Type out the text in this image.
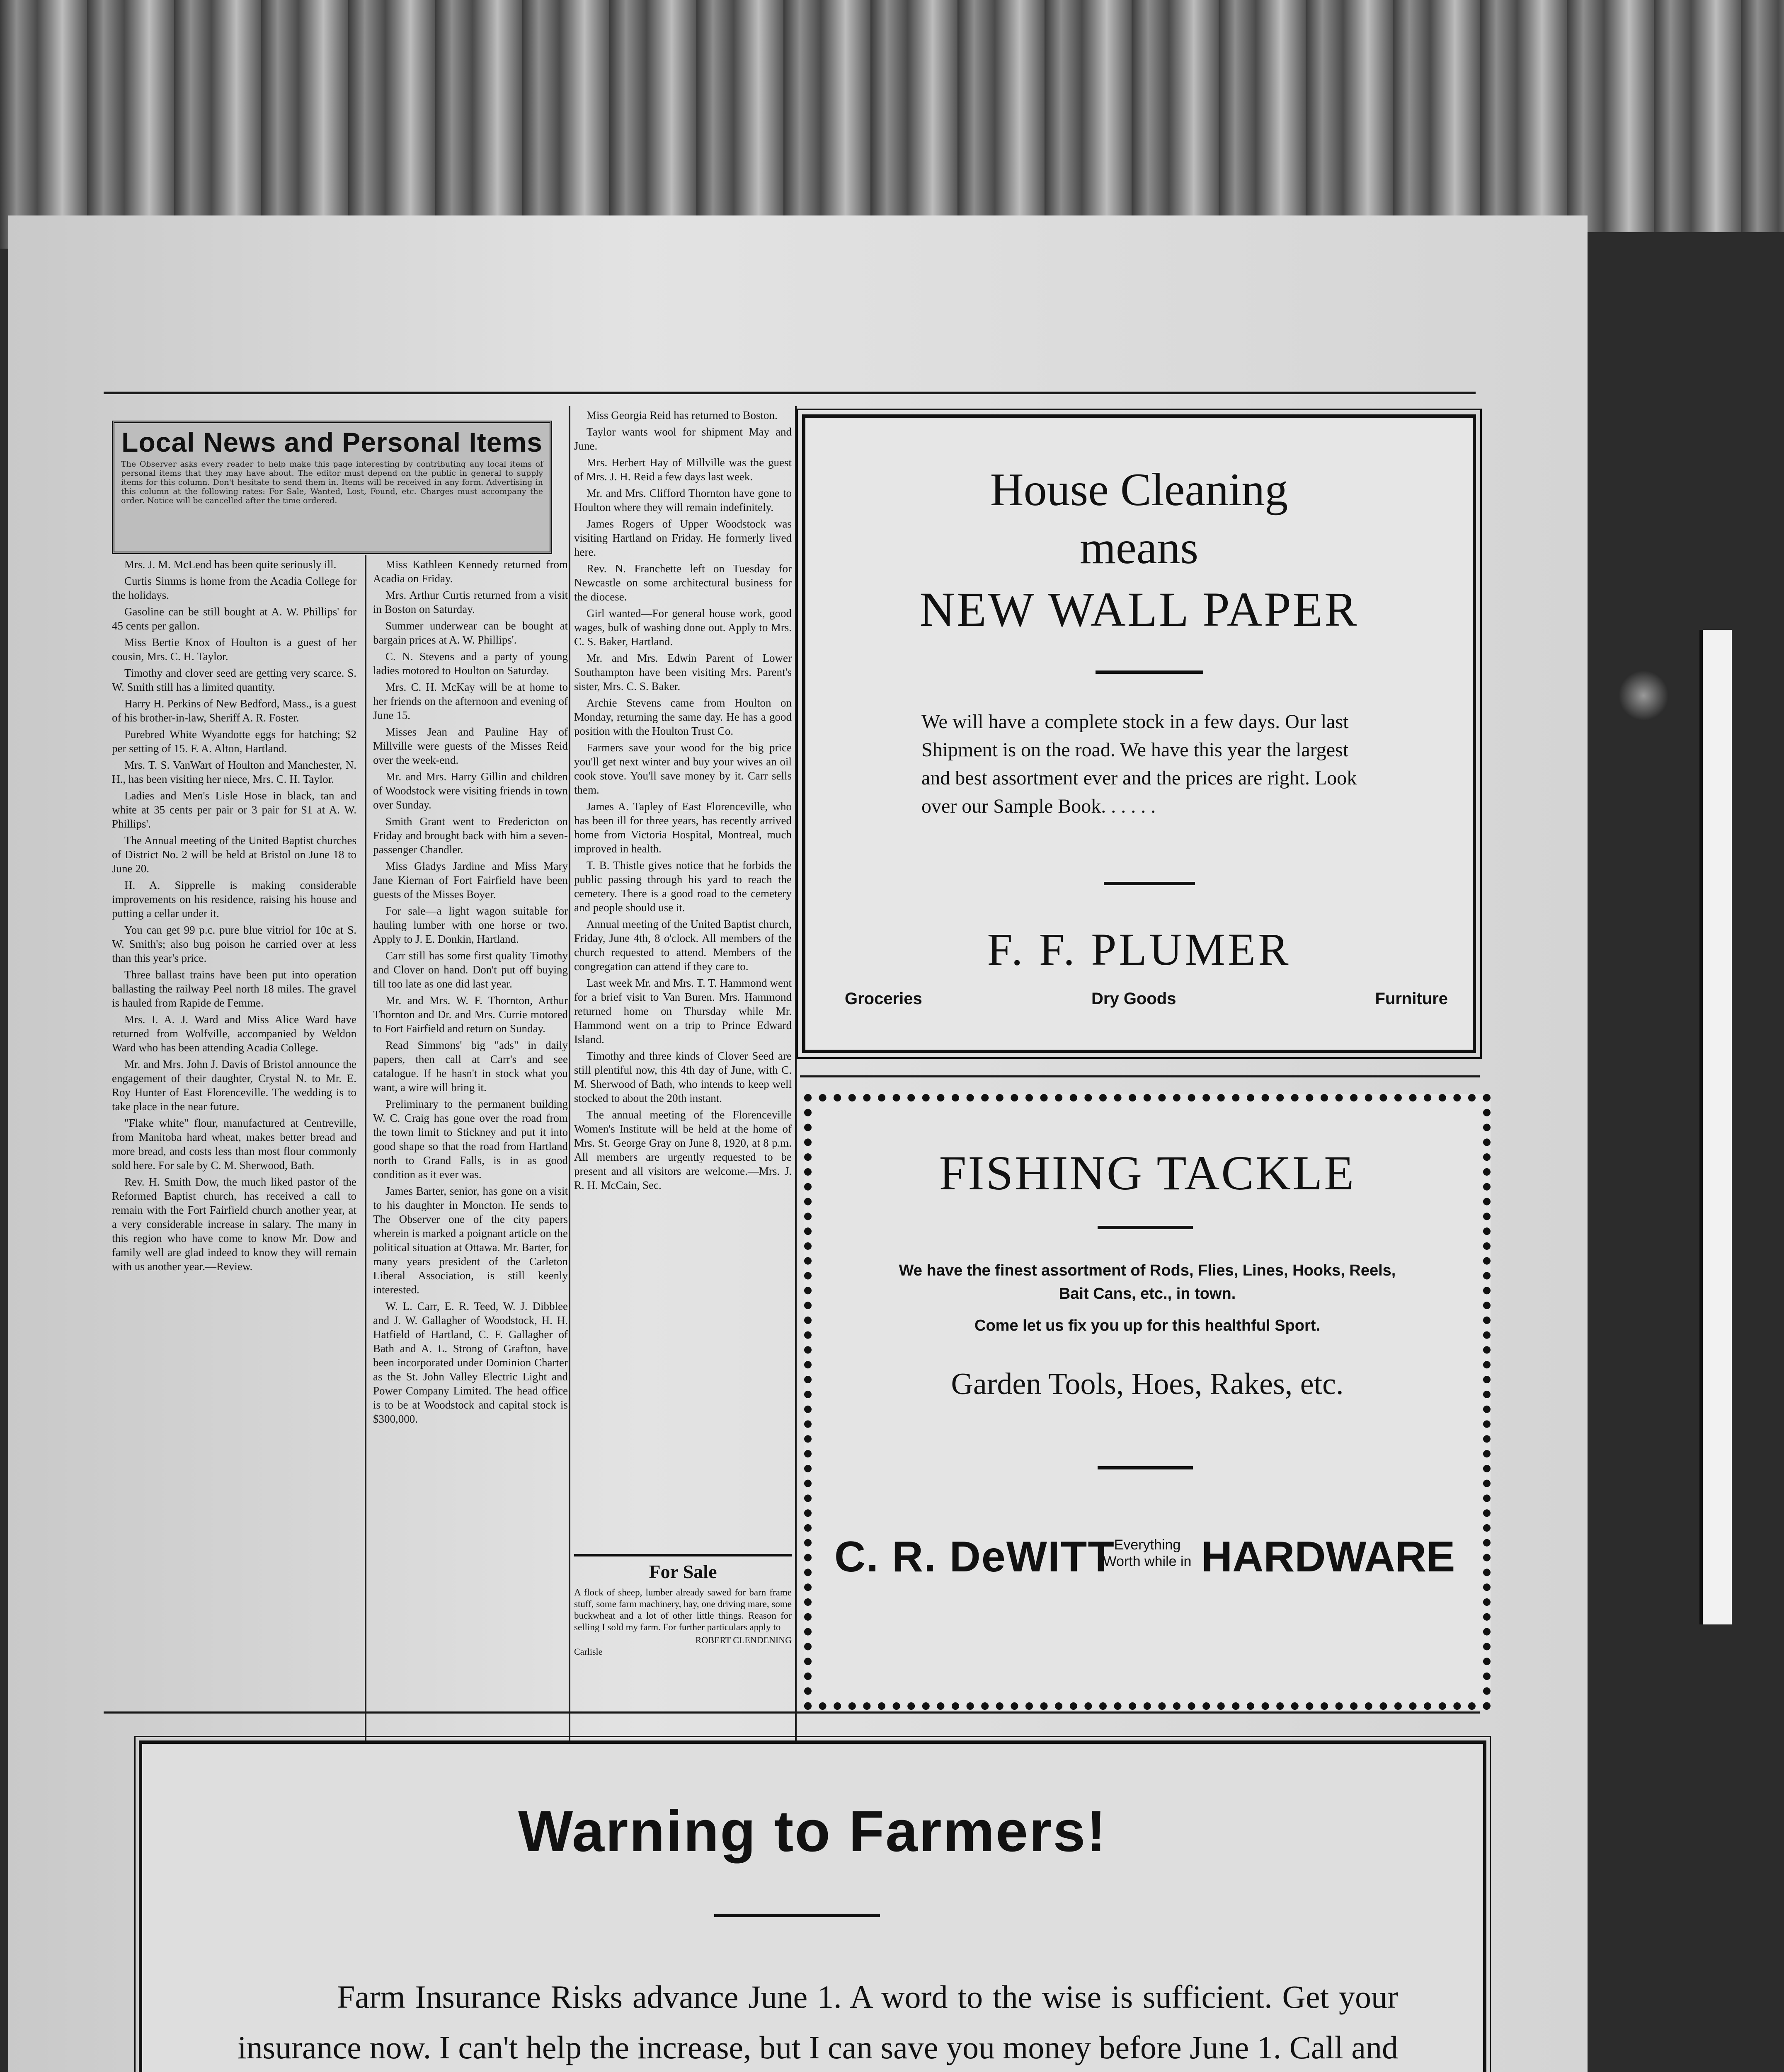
Local News and Personal Items
The Observer asks every reader to help make this page interesting by contributing any local items of personal items that they may have about. The editor must depend on the public in general to supply items for this column. Don't hesitate to send them in. Items will be received in any form. Advertising in this column at the following rates: For Sale, Wanted, Lost, Found, etc. Charges must accompany the order. Notice will be cancelled after the time ordered.

Mrs. J. M. McLeod has been quite seriously ill.

Curtis Simms is home from the Acadia College for the holidays.

Gasoline can be still bought at A. W. Phillips' for 45 cents per gallon.

Miss Bertie Knox of Houlton is a guest of her cousin, Mrs. C. H. Taylor.

Timothy and clover seed are getting very scarce. S. W. Smith still has a limited quantity.

Harry H. Perkins of New Bedford, Mass., is a guest of his brother-in-law, Sheriff A. R. Foster.

Purebred White Wyandotte eggs for hatching; $2 per setting of 15. F. A. Alton, Hartland.

Mrs. T. S. VanWart of Houlton and Manchester, N. H., has been visiting her niece, Mrs. C. H. Taylor.

Ladies and Men's Lisle Hose in black, tan and white at 35 cents per pair or 3 pair for $1 at A. W. Phillips'.

The Annual meeting of the United Baptist churches of District No. 2 will be held at Bristol on June 18 to June 20.

H. A. Sipprelle is making considerable improvements on his residence, raising his house and putting a cellar under it.

You can get 99 p.c. pure blue vitriol for 10c at S. W. Smith's; also bug poison he carried over at less than this year's price.

Three ballast trains have been put into operation ballasting the railway Peel north 18 miles. The gravel is hauled from Rapide de Femme.

Mrs. I. A. J. Ward and Miss Alice Ward have returned from Wolfville, accompanied by Weldon Ward who has been attending Acadia College.

Mr. and Mrs. John J. Davis of Bristol announce the engagement of their daughter, Crystal N. to Mr. E. Roy Hunter of East Florenceville. The wedding is to take place in the near future.

"Flake white" flour, manufactured at Centreville, from Manitoba hard wheat, makes better bread and more bread, and costs less than most flour commonly sold here. For sale by C. M. Sherwood, Bath.

Rev. H. Smith Dow, the much liked pastor of the Reformed Baptist church, has received a call to remain with the Fort Fairfield church another year, at a very considerable increase in salary. The many in this region who have come to know Mr. Dow and family well are glad indeed to know they will remain with us another year.—Review.

Miss Kathleen Kennedy returned from Acadia on Friday.

Mrs. Arthur Curtis returned from a visit in Boston on Saturday.

Summer underwear can be bought at bargain prices at A. W. Phillips'.

C. N. Stevens and a party of young ladies motored to Houlton on Saturday.

Mrs. C. H. McKay will be at home to her friends on the afternoon and evening of June 15.

Misses Jean and Pauline Hay of Millville were guests of the Misses Reid over the week-end.

Mr. and Mrs. Harry Gillin and children of Woodstock were visiting friends in town over Sunday.

Smith Grant went to Fredericton on Friday and brought back with him a seven-passenger Chandler.

Miss Gladys Jardine and Miss Mary Jane Kiernan of Fort Fairfield have been guests of the Misses Boyer.

For sale—a light wagon suitable for hauling lumber with one horse or two. Apply to J. E. Donkin, Hartland.

Carr still has some first quality Timothy and Clover on hand. Don't put off buying till too late as one did last year.

Mr. and Mrs. W. F. Thornton, Arthur Thornton and Dr. and Mrs. Currie motored to Fort Fairfield and return on Sunday.

Read Simmons' big "ads" in daily papers, then call at Carr's and see catalogue. If he hasn't in stock what you want, a wire will bring it.

Preliminary to the permanent building W. C. Craig has gone over the road from the town limit to Stickney and put it into good shape so that the road from Hartland north to Grand Falls, is in as good condition as it ever was.

James Barter, senior, has gone on a visit to his daughter in Moncton. He sends to The Observer one of the city papers wherein is marked a poignant article on the political situation at Ottawa. Mr. Barter, for many years president of the Carleton Liberal Association, is still keenly interested.

W. L. Carr, E. R. Teed, W. J. Dibblee and J. W. Gallagher of Woodstock, H. H. Hatfield of Hartland, C. F. Gallagher of Bath and A. L. Strong of Grafton, have been incorporated under Dominion Charter as the St. John Valley Electric Light and Power Company Limited. The head office is to be at Woodstock and capital stock is $300,000.

Miss Georgia Reid has returned to Boston.

Taylor wants wool for shipment May and June.

Mrs. Herbert Hay of Millville was the guest of Mrs. J. H. Reid a few days last week.

Mr. and Mrs. Clifford Thornton have gone to Houlton where they will remain indefinitely.

James Rogers of Upper Woodstock was visiting Hartland on Friday. He formerly lived here.

Rev. N. Franchette left on Tuesday for Newcastle on some architectural business for the diocese.

Girl wanted—For general house work, good wages, bulk of washing done out. Apply to Mrs. C. S. Baker, Hartland.

Mr. and Mrs. Edwin Parent of Lower Southampton have been visiting Mrs. Parent's sister, Mrs. C. S. Baker.

Archie Stevens came from Houlton on Monday, returning the same day. He has a good position with the Houlton Trust Co.

Farmers save your wood for the big price you'll get next winter and buy your wives an oil cook stove. You'll save money by it. Carr sells them.

James A. Tapley of East Florenceville, who has been ill for three years, has recently arrived home from Victoria Hospital, Montreal, much improved in health.

T. B. Thistle gives notice that he forbids the public passing through his yard to reach the cemetery. There is a good road to the cemetery and people should use it.

Annual meeting of the United Baptist church, Friday, June 4th, 8 o'clock. All members of the church requested to attend. Members of the congregation can attend if they care to.

Last week Mr. and Mrs. T. T. Hammond went for a brief visit to Van Buren. Mrs. Hammond returned home on Thursday while Mr. Hammond went on a trip to Prince Edward Island.

Timothy and three kinds of Clover Seed are still plentiful now, this 4th day of June, with C. M. Sherwood of Bath, who intends to keep well stocked to about the 20th instant.

The annual meeting of the Florenceville Women's Institute will be held at the home of Mrs. St. George Gray on June 8, 1920, at 8 p.m. All members are urgently requested to be present and all visitors are welcome.—Mrs. J. R. H. McCain, Sec.

For Sale
A flock of sheep, lumber already sawed for barn frame stuff, some farm machinery, hay, one driving mare, some buckwheat and a lot of other little things. Reason for selling I sold my farm. For further particulars apply to
ROBERT CLENDENING
Carlisle
House Cleaning
means
NEW WALL PAPER
We will have a complete stock in a few days. Our last Shipment is on the road. We have this year the largest and best assortment ever and the prices are right. Look over our Sample Book. . . . . .
F. F. PLUMER
Groceries	Dry Goods	Furniture
FISHING TACKLE
We have the finest assortment of Rods, Flies, Lines, Hooks, Reels, Bait Cans, etc., in town.
Come let us fix you up for this healthful Sport.
Garden Tools, Hoes, Rakes, etc.
C. R. DeWITT
Everything Worth while in HARDWARE
Warning to Farmers!
Farm Insurance Risks advance June 1. A word to the wise is sufficient. Get your insurance now. I can't help the increase, but I can save you money before June 1. Call and
